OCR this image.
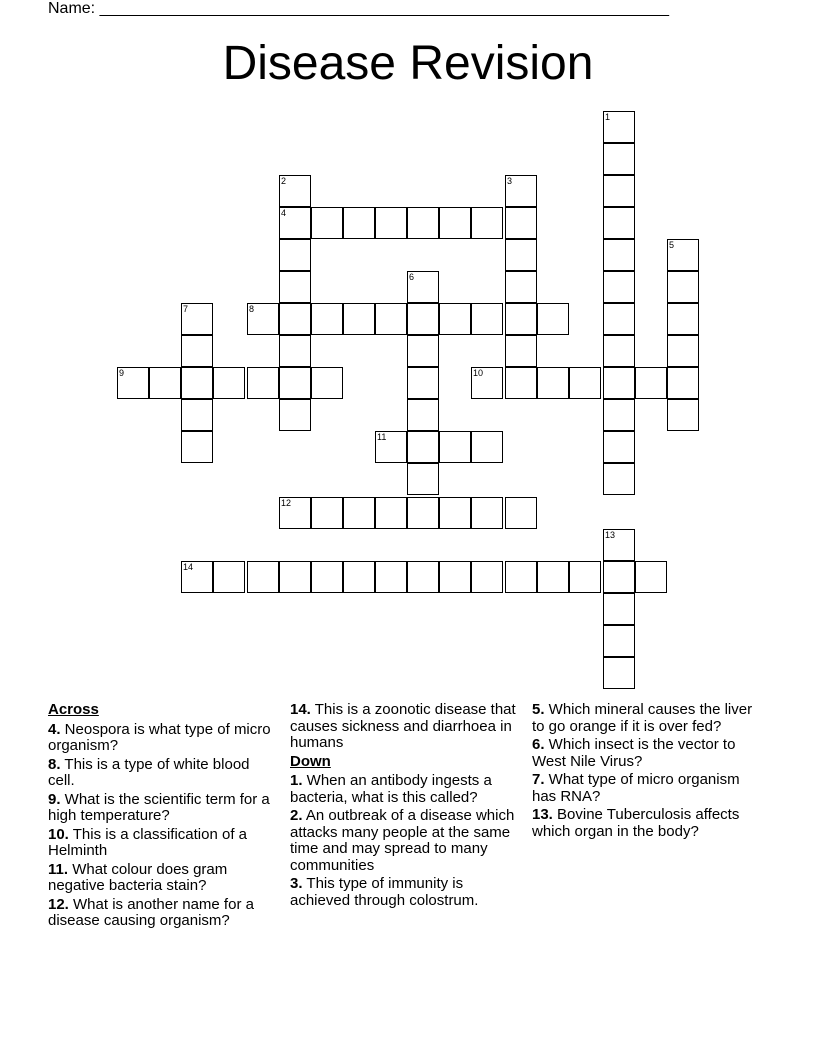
Name: ________________________________________________________________
Disease Revision
1
2
4
3
5
6
7	8
9	10
11
12
13
14
Across
4. Neospora is what type of micro organism?
8. This is a type of white blood cell.
9. What is the scientific term for a high temperature?
10. This is a classification of a Helminth
11. What colour does gram negative bacteria stain?
12. What is another name for a disease causing organism?
14. This is a zoonotic disease that causes sickness and diarrhoea in humans
Down
1. When an antibody ingests a bacteria, what is this called?
2. An outbreak of a disease which attacks many people at the same time and may spread to many communities
3. This type of immunity is achieved through colostrum.
5. Which mineral causes the liver to go orange if it is over fed?
6. Which insect is the vector to West Nile Virus?
7. What type of micro organism has RNA?
13. Bovine Tuberculosis affects which organ in the body?
